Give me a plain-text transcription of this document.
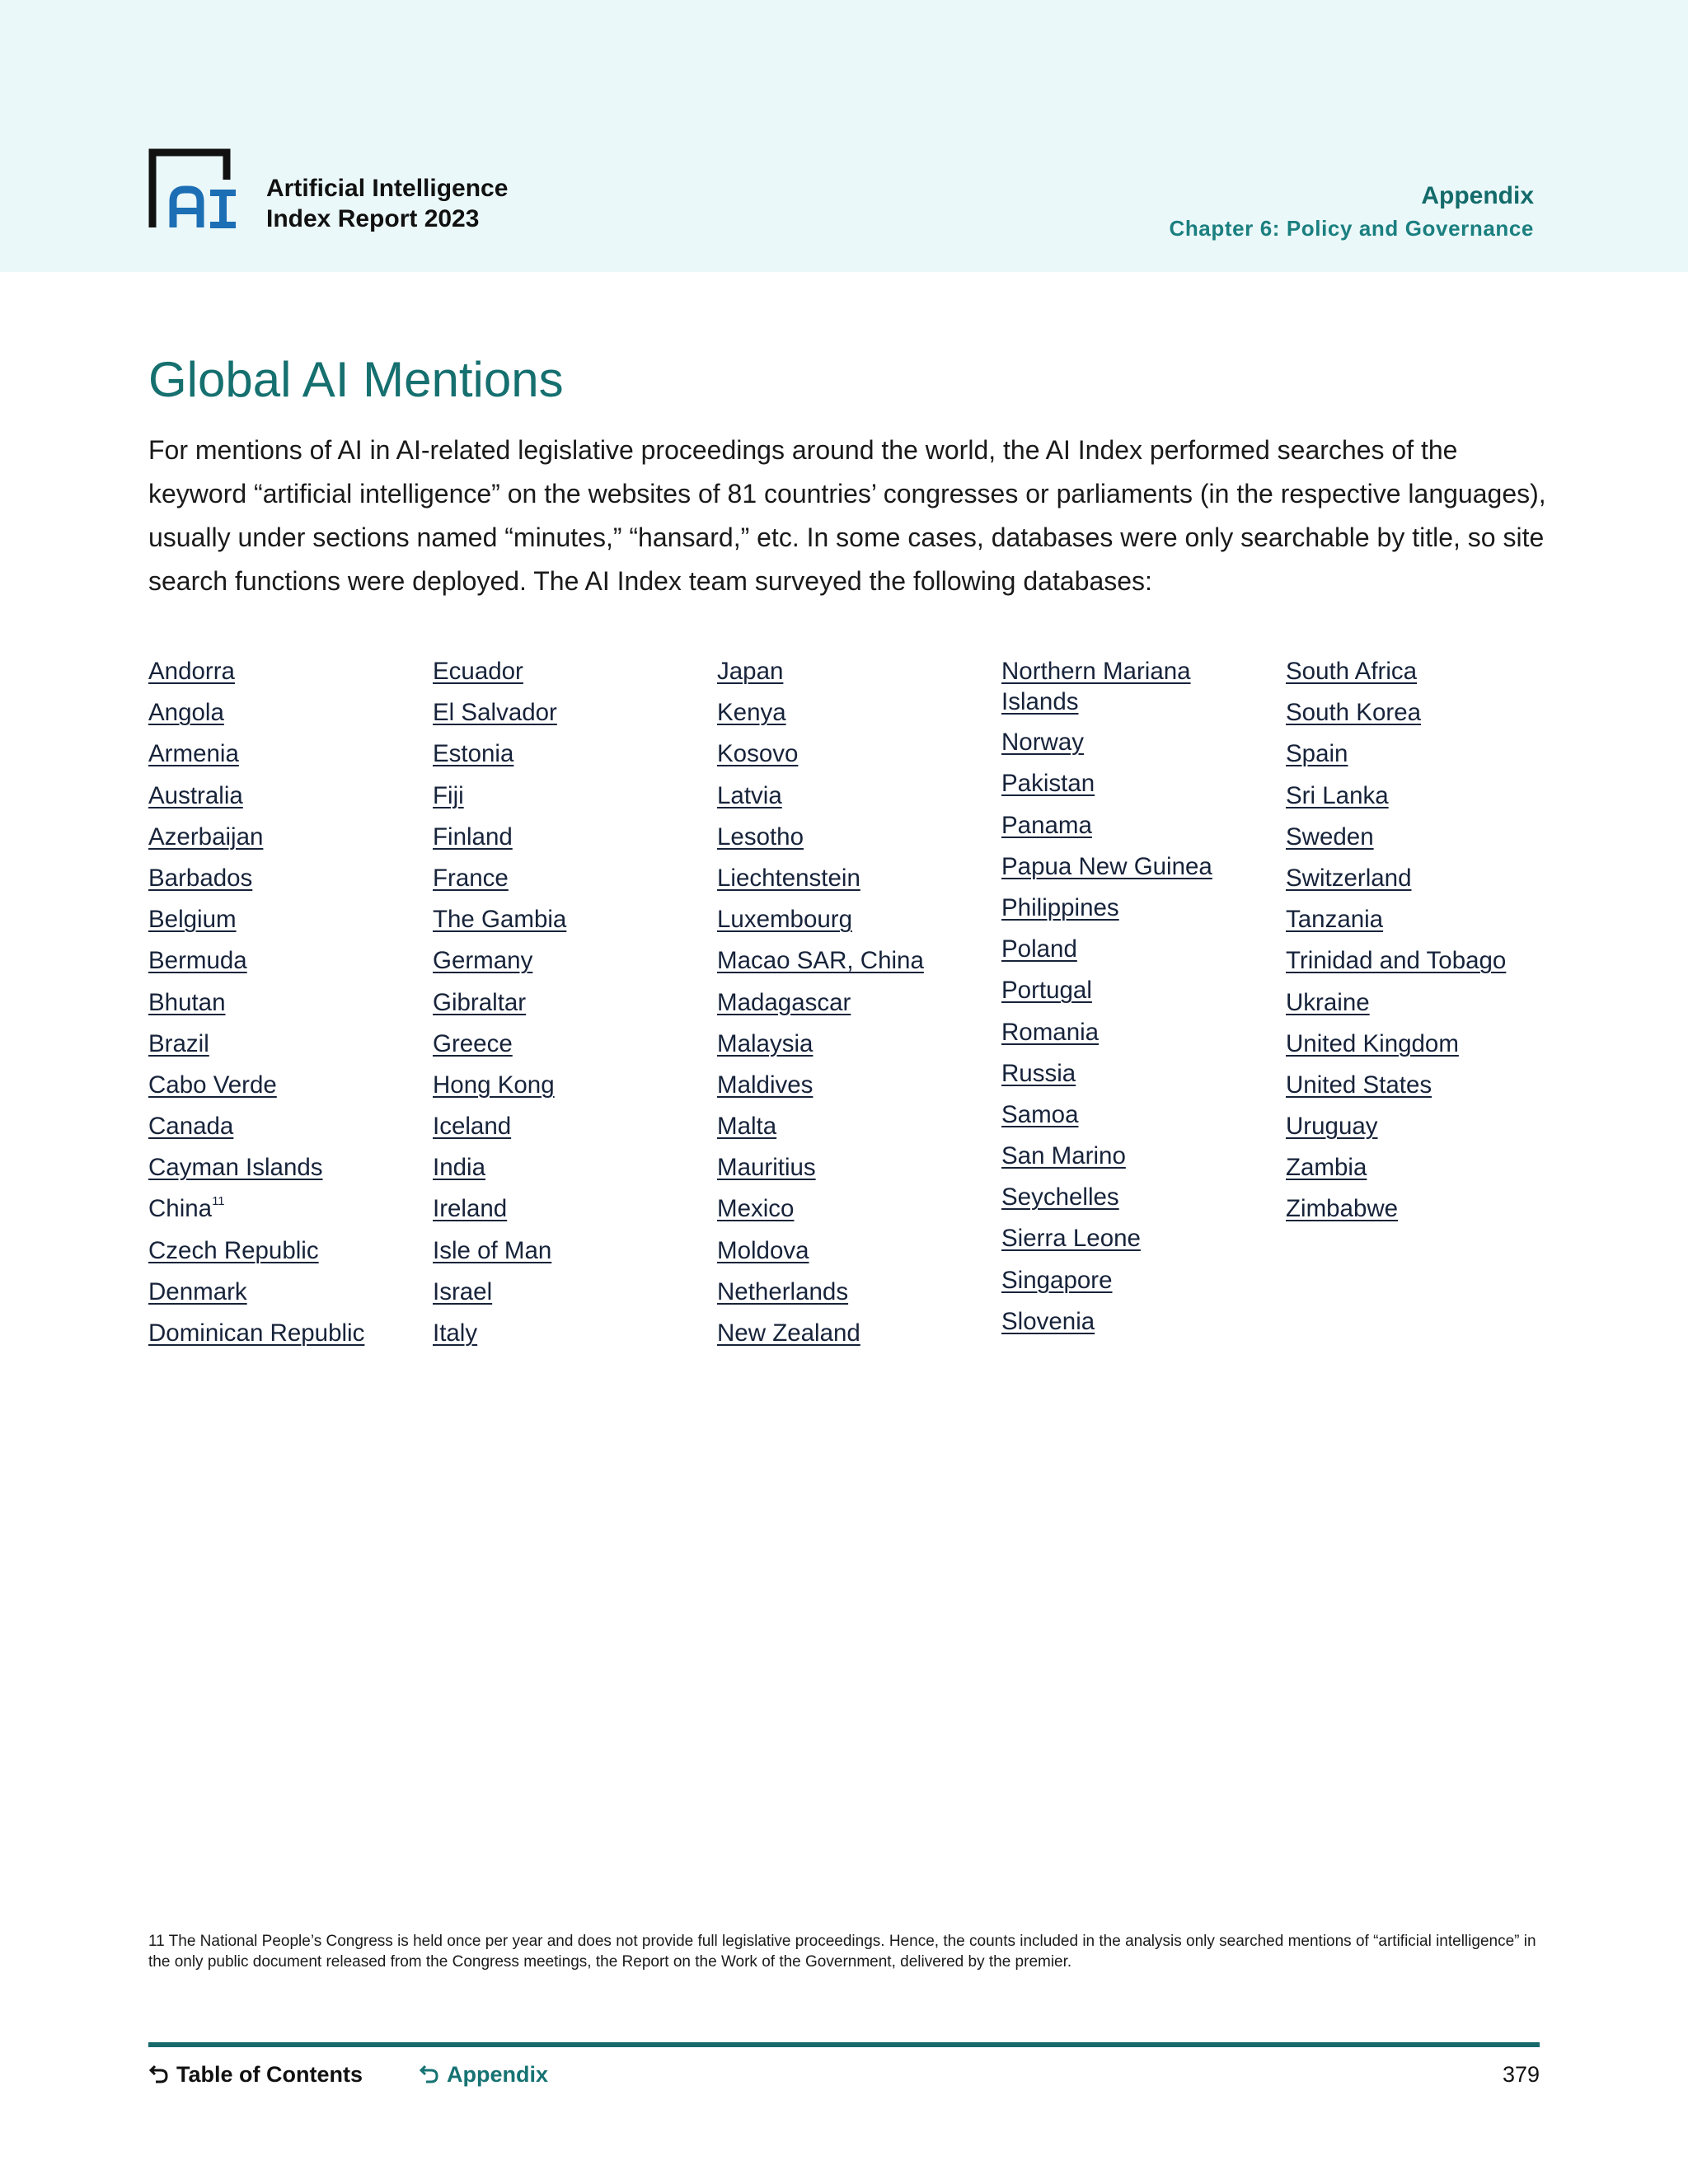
Artificial Intelligence
Index Report 2023
Appendix
Chapter 6: Policy and Governance
Global AI Mentions

For mentions of AI in AI-related legislative proceedings around the world, the AI Index performed searches of the keyword “artificial intelligence” on the websites of 81 countries’ congresses or parliaments (in the respective languages), usually under sections named “minutes,” “hansard,” etc. In some cases, databases were only searchable by title, so site search functions were deployed. The AI Index team surveyed the following databases:

Andorra
Angola
Armenia
Australia
Azerbaijan
Barbados
Belgium
Bermuda
Bhutan
Brazil
Cabo Verde
Canada
Cayman Islands
China$^{11}$
Czech Republic
Denmark
Dominican Republic
Ecuador
El Salvador
Estonia
Fiji
Finland
France
The Gambia
Germany
Gibraltar
Greece
Hong Kong
Iceland
India
Ireland
Isle of Man
Israel
Italy
Japan
Kenya
Kosovo
Latvia
Lesotho
Liechtenstein
Luxembourg
Macao SAR, China
Madagascar
Malaysia
Maldives
Malta
Mauritius
Mexico
Moldova
Netherlands
New Zealand
Northern Mariana Islands
Norway
Pakistan
Panama
Papua New Guinea
Philippines
Poland
Portugal
Romania
Russia
Samoa
San Marino
Seychelles
Sierra Leone
Singapore
Slovenia
South Africa
South Korea
Spain
Sri Lanka
Sweden
Switzerland
Tanzania
Trinidad and Tobago
Ukraine
United Kingdom
United States
Uruguay
Zambia
Zimbabwe

11 The National People’s Congress is held once per year and does not provide full legislative proceedings. Hence, the counts included in the analysis only searched mentions of “artificial intelligence” in the only public document released from the Congress meetings, the Report on the Work of the Government, delivered by the premier.

Table of Contents	Appendix	379
